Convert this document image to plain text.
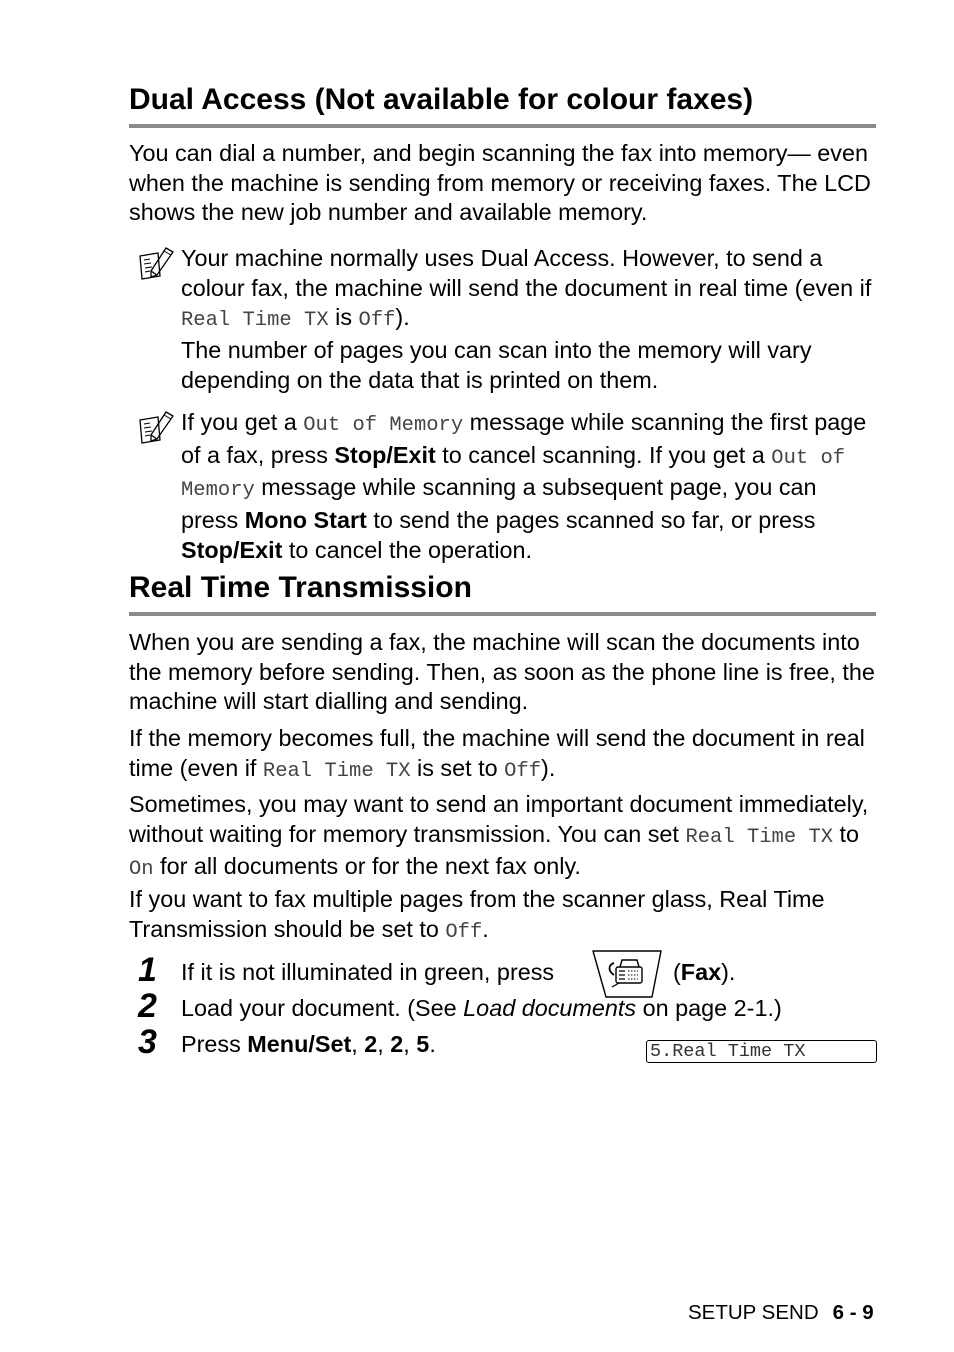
Dual Access (Not available for colour faxes)

You can dial a number, and begin scanning the fax into memory— even when the machine is sending from memory or receiving faxes. The LCD shows the new job number and available memory.

Your machine normally uses Dual Access. However, to send a colour fax, the machine will send the document in real time (even if Real Time TX is Off).
The number of pages you can scan into the memory will vary depending on the data that is printed on them.

If you get a Out of Memory message while scanning the first page of a fax, press Stop/Exit to cancel scanning. If you get a Out of Memory message while scanning a subsequent page, you can press Mono Start to send the pages scanned so far, or press Stop/Exit to cancel the operation.

Real Time Transmission

When you are sending a fax, the machine will scan the documents into the memory before sending. Then, as soon as the phone line is free, the machine will start dialling and sending.

If the memory becomes full, the machine will send the document in real time (even if Real Time TX is set to Off).

Sometimes, you may want to send an important document immediately, without waiting for memory transmission. You can set Real Time TX to On for all documents or for the next fax only.

If you want to fax multiple pages from the scanner glass, Real Time Transmission should be set to Off.

1 If it is not illuminated in green, press	(Fax).
2 Load your document. (See Load documents on page 2-1.)
3 Press Menu/Set, 2, 2, 5.	5.Real Time TX
SETUP SEND 6 - 9
